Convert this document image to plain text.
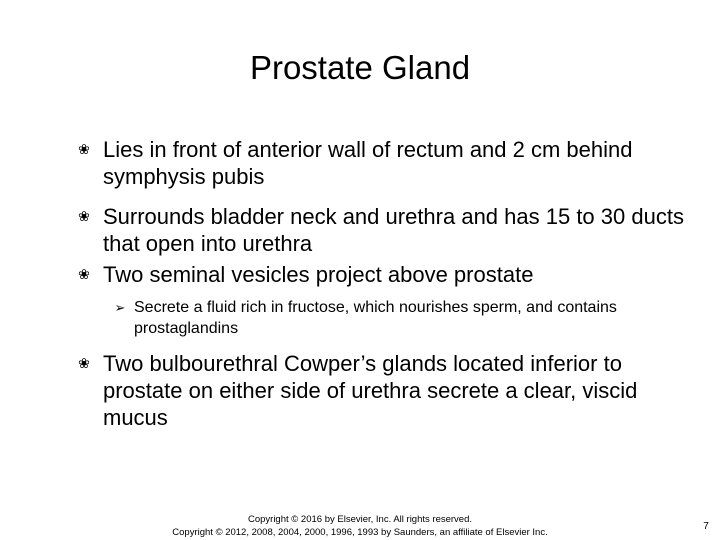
Prostate Gland
❀ Lies in front of anterior wall of rectum and 2 cm behind symphysis pubis
❀ Surrounds bladder neck and urethra and has 15 to 30 ducts that open into urethra
❀ Two seminal vesicles project above prostate
➢ Secrete a fluid rich in fructose, which nourishes sperm, and contains prostaglandins
❀ Two bulbourethral Cowper’s glands located inferior to prostate on either side of urethra secrete a clear, viscid mucus
Copyright © 2016 by Elsevier, Inc. All rights reserved.
Copyright © 2012, 2008, 2004, 2000, 1996, 1993 by Saunders, an affiliate of Elsevier Inc.
7
